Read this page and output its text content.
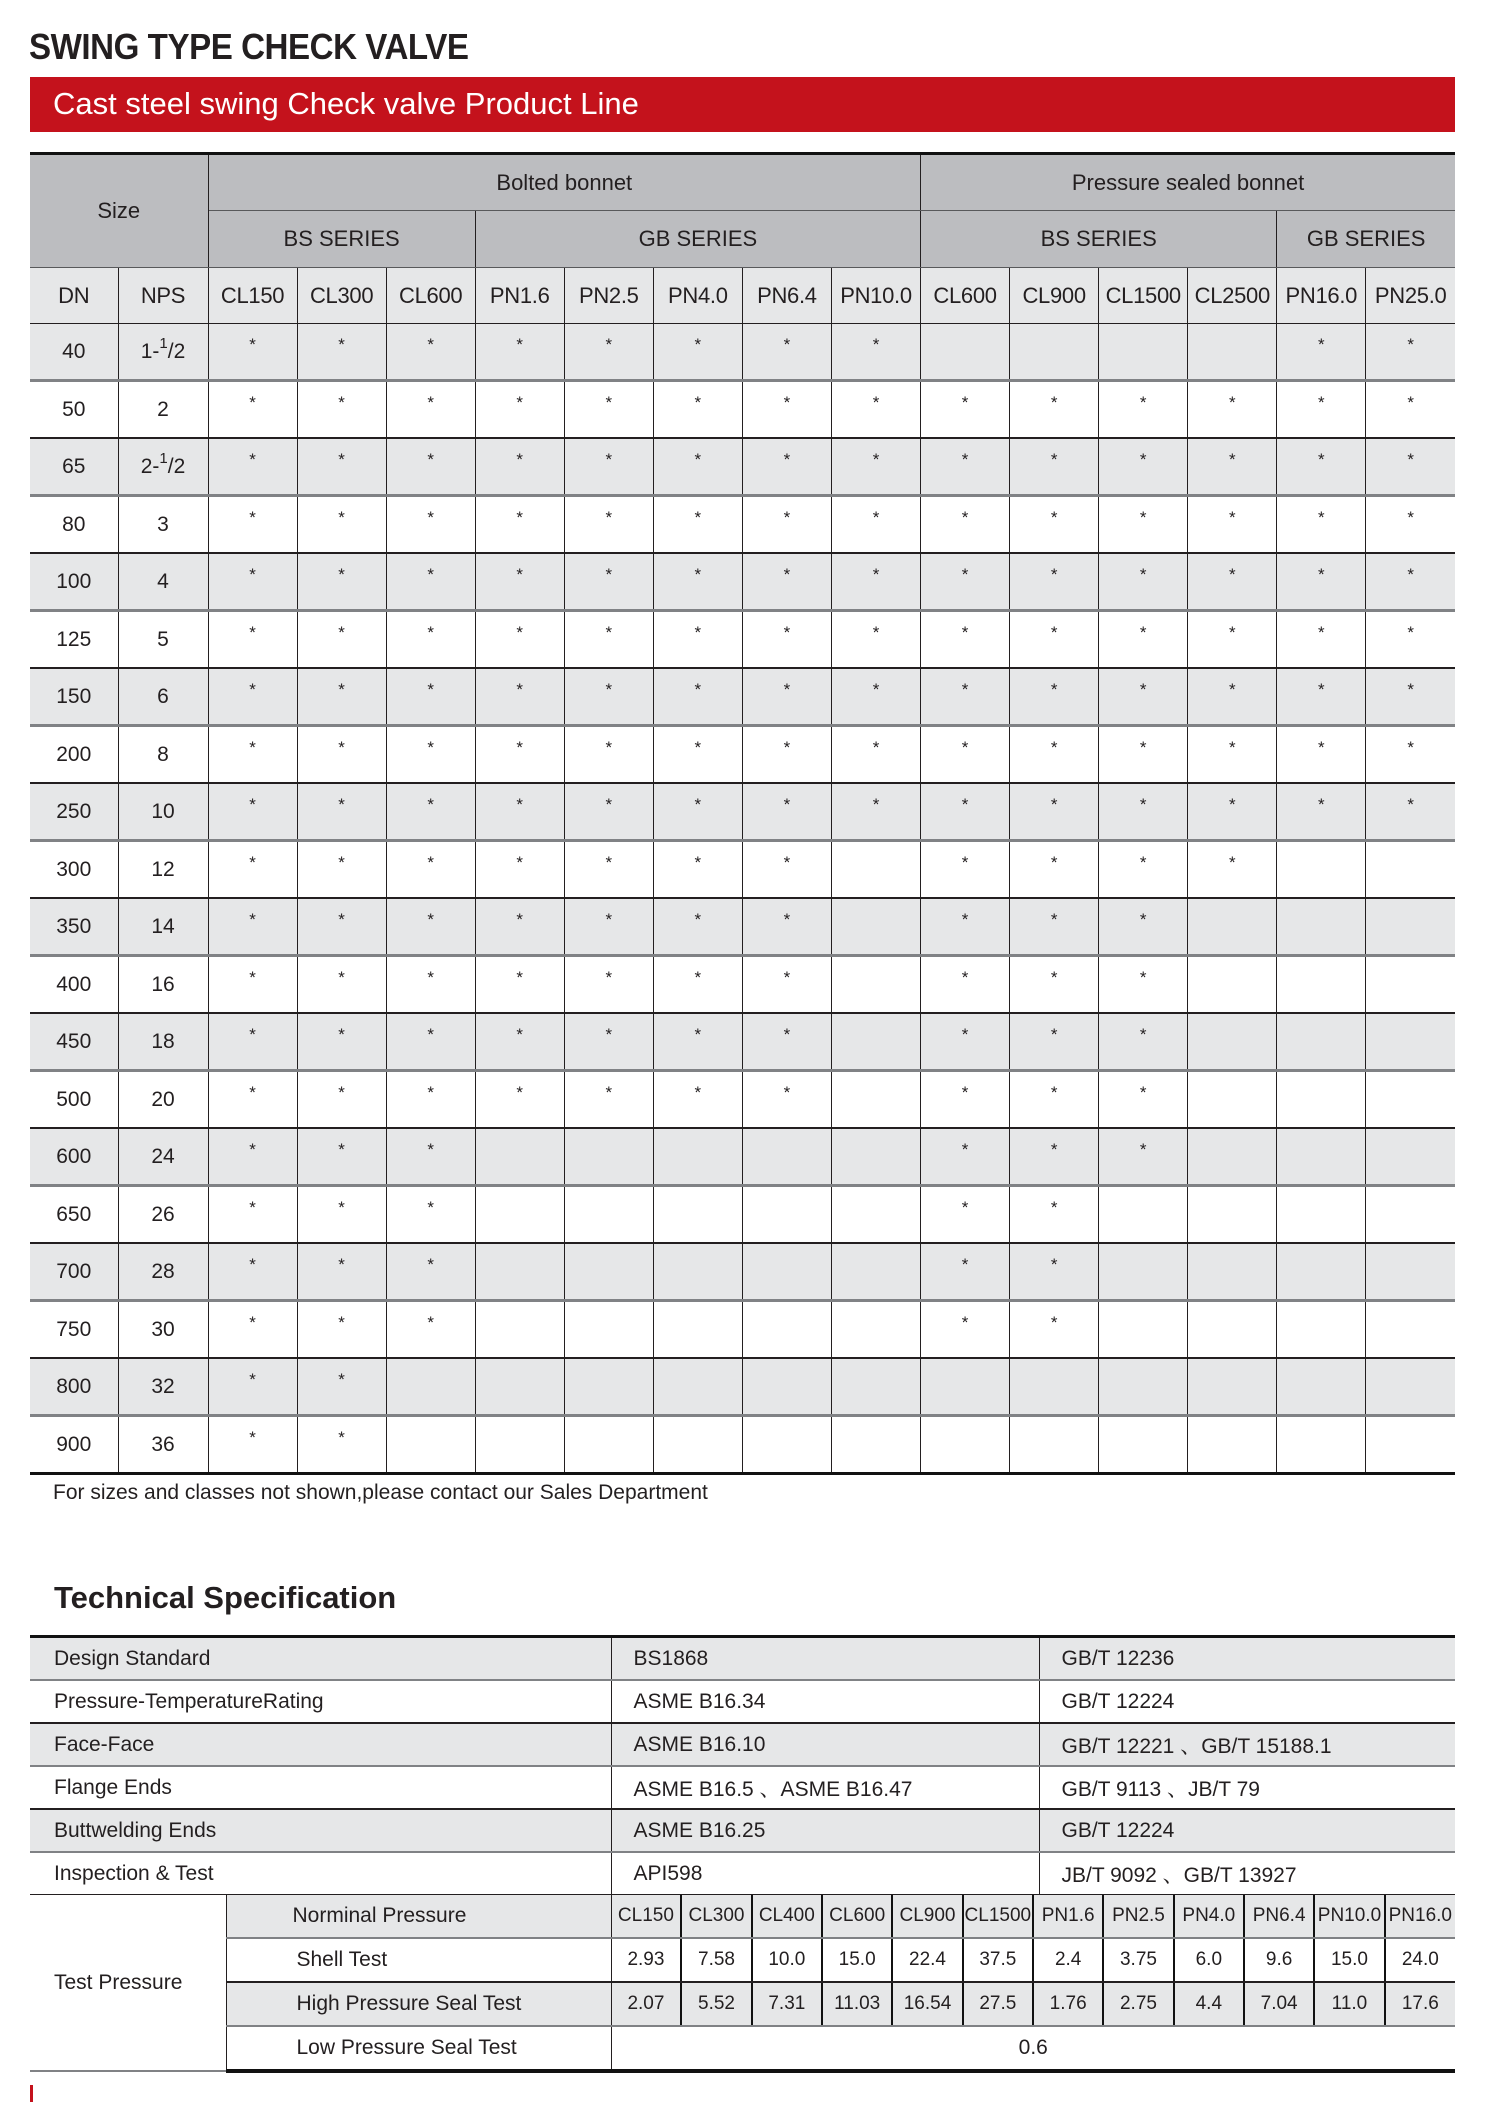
SWING TYPE CHECK VALVE
Cast steel swing Check valve Product Line
Size		Bolted bonnet								Pressure sealed bonnet					
		BS SERIES			GB SERIES					BS SERIES				GB SERIES	
DN	NPS	CL150	CL300	CL600	PN1.6	PN2.5	PN4.0	PN6.4	PN10.0	CL600	CL900	CL1500	CL2500	PN16.0	PN25.0
40	1-$^1$/2	*	*	*	*	*	*	*	*					*	*
50	2	*	*	*	*	*	*	*	*	*	*	*	*	*	*
65	2-$^1$/2	*	*	*	*	*	*	*	*	*	*	*	*	*	*
80	3	*	*	*	*	*	*	*	*	*	*	*	*	*	*
100	4	*	*	*	*	*	*	*	*	*	*	*	*	*	*
125	5	*	*	*	*	*	*	*	*	*	*	*	*	*	*
150	6	*	*	*	*	*	*	*	*	*	*	*	*	*	*
200	8	*	*	*	*	*	*	*	*	*	*	*	*	*	*
250	10	*	*	*	*	*	*	*	*	*	*	*	*	*	*
300	12	*	*	*	*	*	*	*		*	*	*	*		
350	14	*	*	*	*	*	*	*		*	*	*			
400	16	*	*	*	*	*	*	*		*	*	*			
450	18	*	*	*	*	*	*	*		*	*	*			
500	20	*	*	*	*	*	*	*		*	*	*			
600	24	*	*	*						*	*	*			
650	26	*	*	*						*	*				
700	28	*	*	*						*	*				
750	30	*	*	*						*	*				
800	32	*	*												
900	36	*	*												

For sizes and classes not shown,please contact our Sales Department

Technical Specification
Design Standard	BS1868	GB/T 12236
Pressure-TemperatureRating	ASME B16.34	GB/T 12224
Face-Face	ASME B16.10	GB/T 12221 、GB/T 15188.1
Flange Ends	ASME B16.5 、ASME B16.47	GB/T 9113 、JB/T 79
Buttwelding Ends	ASME B16.25	GB/T 12224
Inspection & Test	API598	JB/T 9092 、GB/T 13927
Test Pressure	Norminal Pressure	CL150	CL300	CL400	CL600	CL900	CL1500	PN1.6	PN2.5	PN4.0	PN6.4	PN10.0	PN16.0
	Shell Test	2.93	7.58	10.0	15.0	22.4	37.5	2.4	3.75	6.0	9.6	15.0	24.0
	High Pressure Seal Test	2.07	5.52	7.31	11.03	16.54	27.5	1.76	2.75	4.4	7.04	11.0	17.6
	Low Pressure Seal Test	0.6											
